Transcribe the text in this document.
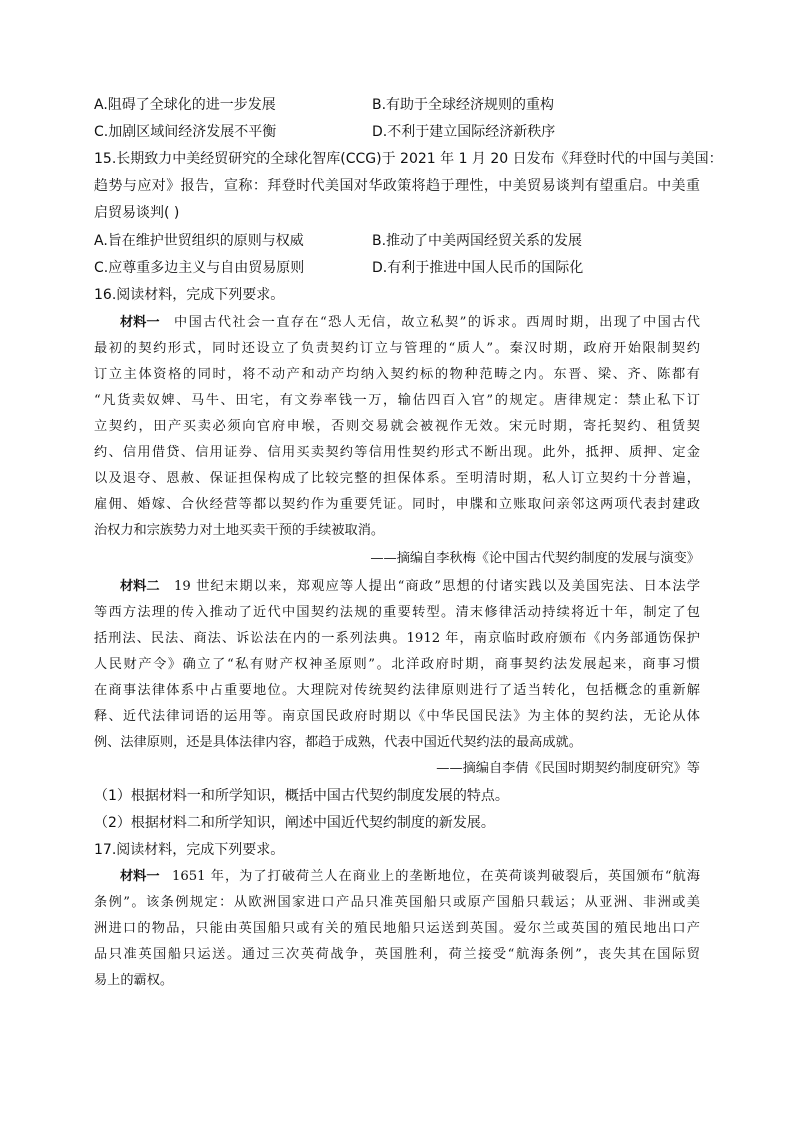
A.阻碍了全球化的进一步发展	B.有助于全球经济规则的重构
C.加剧区域间经济发展不平衡	D.不利于建立国际经济新秩序
15.长期致力中美经贸研究的全球化智库(CCG)于 2021 年 1 月 20 日发布《拜登时代的中国与美国：
趋势与应对》报告，宣称：拜登时代美国对华政策将趋于理性，中美贸易谈判有望重启。中美重
启贸易谈判( )
A.旨在维护世贸组织的原则与权威	B.推动了中美两国经贸关系的发展
C.应尊重多边主义与自由贸易原则	D.有利于推进中国人民币的国际化
16.阅读材料，完成下列要求。
材料一 中国古代社会一直存在“恐人无信，故立私契”的诉求。西周时期，出现了中国古代
最初的契约形式，同时还设立了负责契约订立与管理的“质人”。秦汉时期，政府开始限制契约
订立主体资格的同时，将不动产和动产均纳入契约标的物种范畴之内。东晋、梁、齐、陈都有
“凡货卖奴婢、马牛、田宅，有文券率钱一万，输估四百入官”的规定。唐律规定：禁止私下订
立契约，田产买卖必须向官府申堠，否则交易就会被视作无效。宋元时期，寄托契约、租赁契
约、信用借贷、信用证券、信用买卖契约等信用性契约形式不断出现。此外，抵押、质押、定金
以及退夺、恩赦、保证担保构成了比较完整的担保体系。至明清时期，私人订立契约十分普遍，
雇佣、婚嫁、合伙经营等都以契约作为重要凭证。同时，申牒和立账取问亲邻这两项代表封建政
治权力和宗族势力对土地买卖干预的手续被取消。
——摘编自李秋梅《论中国古代契约制度的发展与演变》
材料二 19 世纪末期以来，郑观应等人提出“商政”思想的付诸实践以及美国宪法、日本法学
等西方法理的传入推动了近代中国契约法规的重要转型。清末修律活动持续将近十年，制定了包
括刑法、民法、商法、诉讼法在内的一系列法典。1912 年，南京临时政府颁布《内务部通饬保护
人民财产令》确立了“私有财产权神圣原则”。北洋政府时期，商事契约法发展起来，商事习惯
在商事法律体系中占重要地位。大理院对传统契约法律原则进行了适当转化，包括概念的重新解
释、近代法律词语的运用等。南京国民政府时期以《中华民国民法》为主体的契约法，无论从体
例、法律原则，还是具体法律内容，都趋于成熟，代表中国近代契约法的最高成就。
——摘编自李倩《民国时期契约制度研究》等
（1）根据材料一和所学知识，概括中国古代契约制度发展的特点。
（2）根据材料二和所学知识，阐述中国近代契约制度的新发展。
17.阅读材料，完成下列要求。
材料一 1651 年，为了打破荷兰人在商业上的垄断地位，在英荷谈判破裂后，英国颁布“航海
条例”。该条例规定：从欧洲国家进口产品只准英国船只或原产国船只载运；从亚洲、非洲或美
洲进口的物品，只能由英国船只或有关的殖民地船只运送到英国。爱尔兰或英国的殖民地出口产
品只准英国船只运送。通过三次英荷战争，英国胜利，荷兰接受“航海条例”，丧失其在国际贸
易上的霸权。
